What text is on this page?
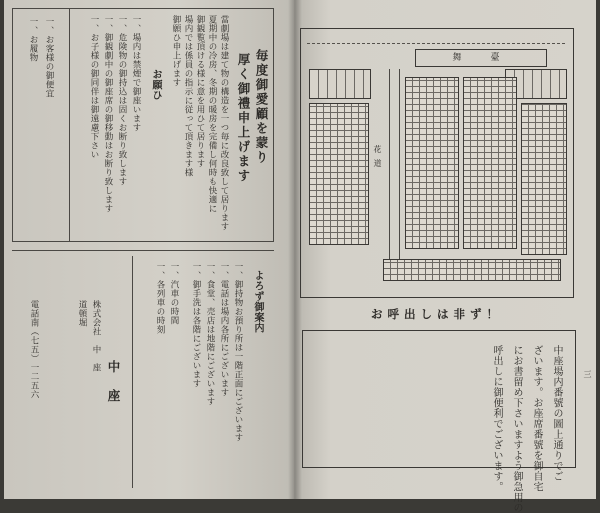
毎度御愛顧を蒙り
厚く御禮申上げます
當劇場は建て物の構造を一つ毎に改良致して居ります
夏期中の冷房、冬期の暖房を完備し何時も快適に
御観覧頂ける様に意を用ひて居ります
場内では係員の指示に従って頂きます様
御願ひ申上げます
お願ひ
一、場内は禁煙で御座います
一、危険物の御持込は固くお断り致します
一、御観劇中の御座席の御移動はお断り致します
一、お子様の御同伴は御遠慮下さい
一、お客様の御便宜
一、お履物
よろず御案内
一、御持物お預り所は一階正面にございます
一、電話は場内各所にございます
一、食堂、売店は地階にございます
一、御手洗は各階にございます
一、汽車の時間
一、各列車の時刻
中　座
株式会社　中　座
道頓堀
電話南（七五）一二五六
舞　臺
花道
お呼出しは非ず！
中座場内番號の圖上通りでご
ざいます。お座席番號を御自宅
にお書留め下さいますよう御急用の
呼出しに御便利でございます。	三
